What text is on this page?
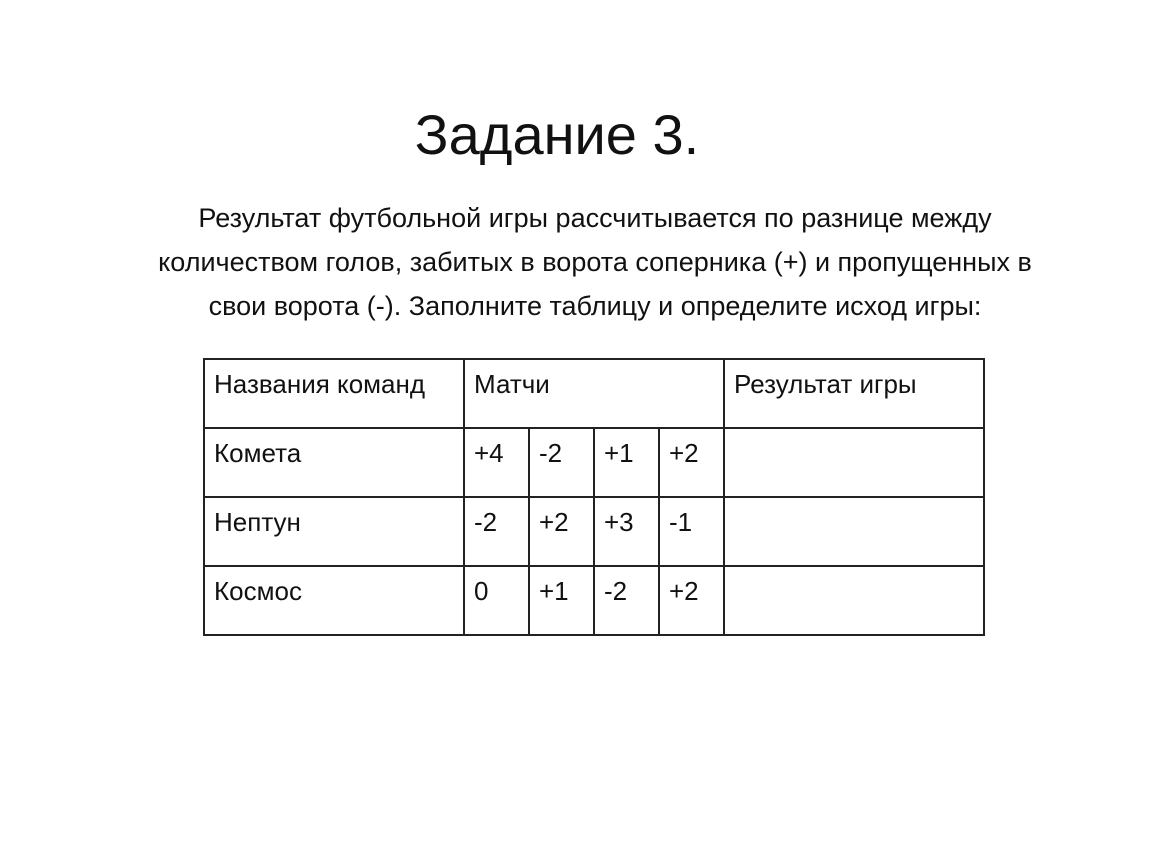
Задание 3.

Результат футбольной игры рассчитывается по разнице между
количеством голов, забитых в ворота соперника (+) и пропущенных в
свои ворота (-). Заполните таблицу и определите исход игры:

Названия команд	Матчи				Результат игры
Комета	+4	-2	+1	+2	
Нептун	-2	+2	+3	-1	
Космос	0	+1	-2	+2	
